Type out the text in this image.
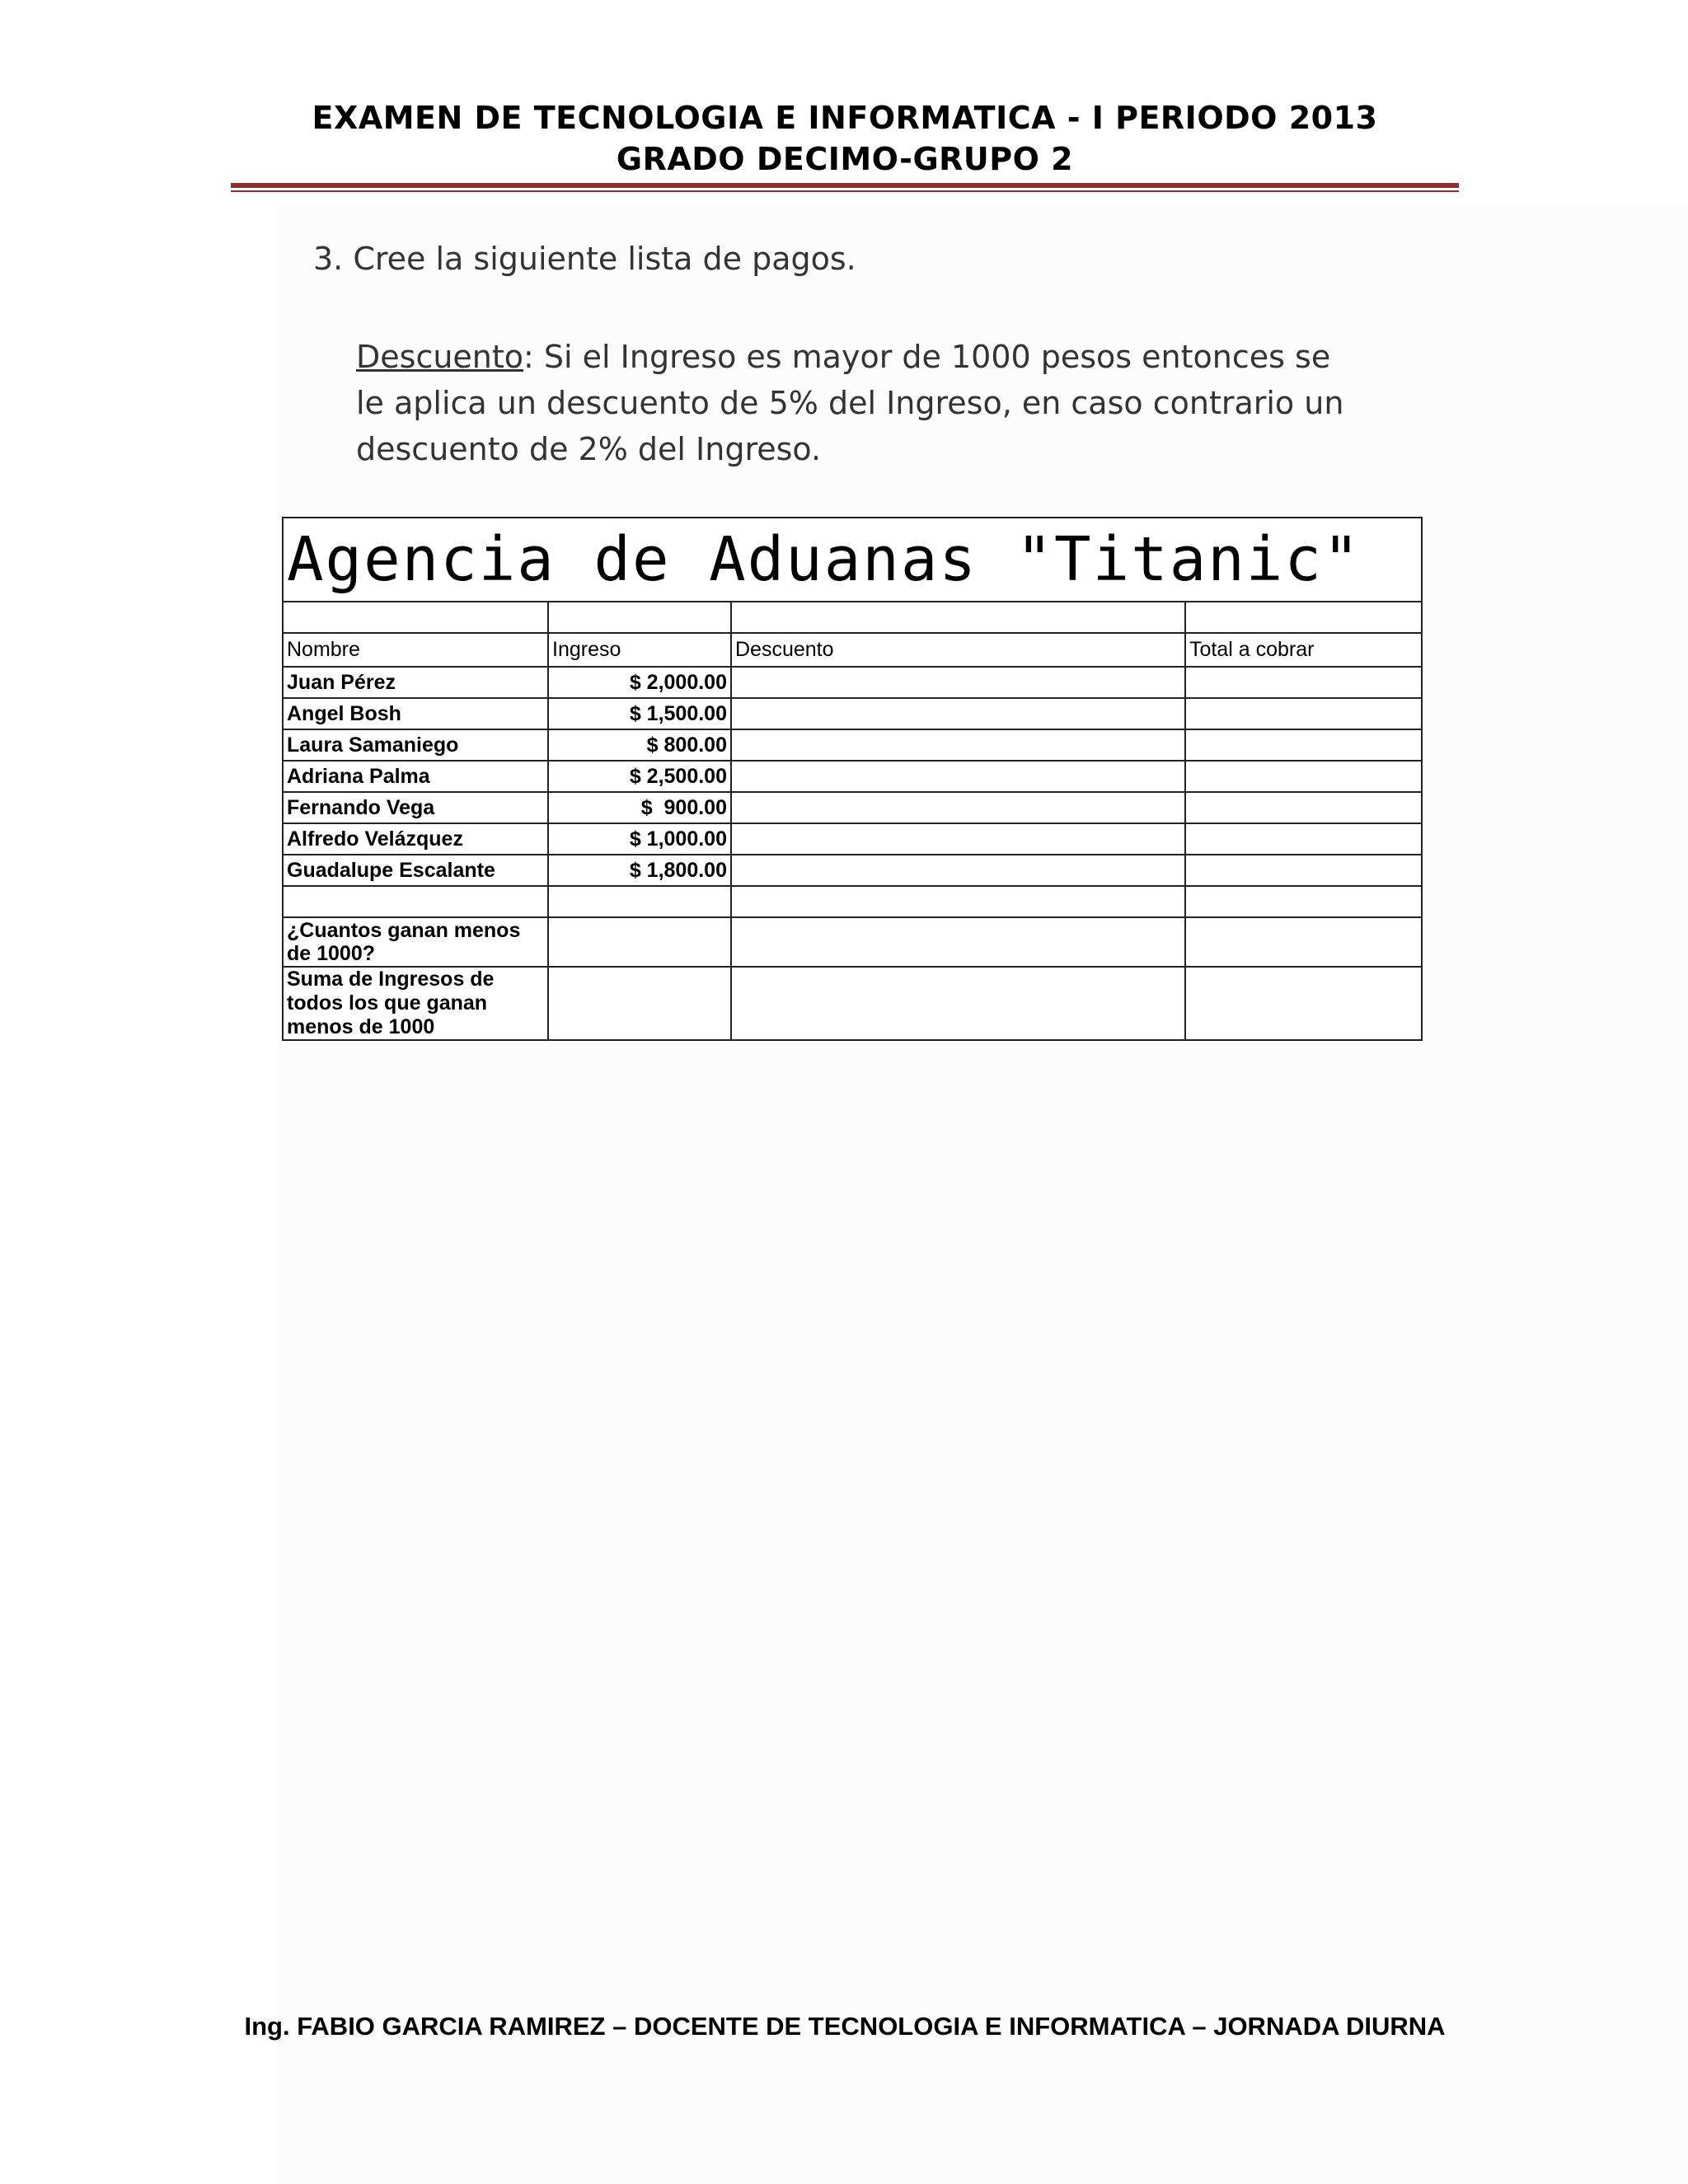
EXAMEN DE TECNOLOGIA E INFORMATICA - I PERIODO 2013
GRADO DECIMO-GRUPO 2
3. Cree la siguiente lista de pagos.
Descuento: Si el Ingreso es mayor de 1000 pesos entonces se le aplica un descuento de 5% del Ingreso, en caso contrario un descuento de 2% del Ingreso.
Agencia de Aduanas "Titanic"			

Nombre	Ingreso	Descuento	Total a cobrar
Juan Pérez	$ 2,000.00		
Angel Bosh	$ 1,500.00		
Laura Samaniego	$ 800.00		
Adriana Palma	$ 2,500.00		
Fernando Vega	$  900.00		
Alfredo Velázquez	$ 1,000.00		
Guadalupe Escalante	$ 1,800.00		

¿Cuantos ganan menos de 1000?			
Suma de Ingresos de todos los que ganan menos de 1000			
Ing. FABIO GARCIA RAMIREZ – DOCENTE DE TECNOLOGIA E INFORMATICA – JORNADA DIURNA
